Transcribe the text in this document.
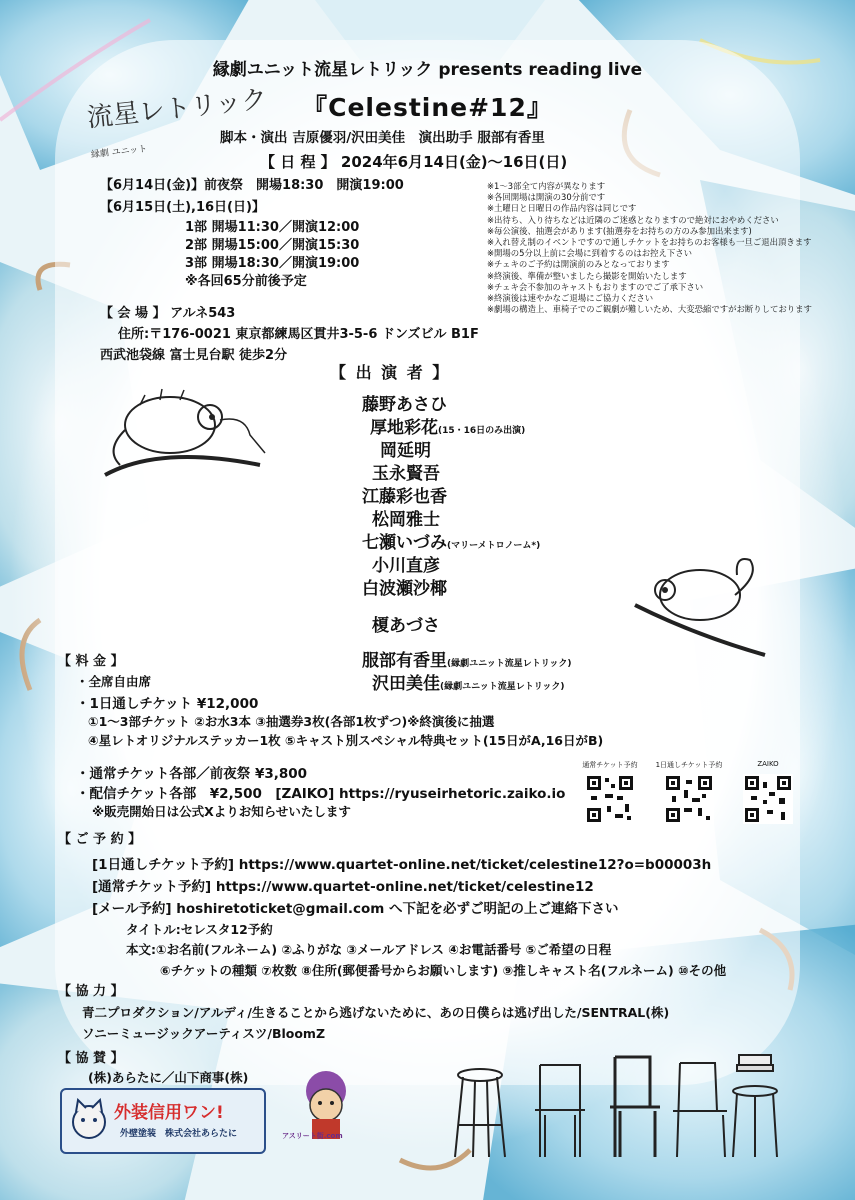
流星レトリック
縁劇 ユニット
縁劇ユニット流星レトリック presents reading live
『Celestine#12』
脚本・演出 吉原優羽/沢田美佳　演出助手 服部有香里
【 日 程 】 2024年6月14日(金)〜16日(日)
【6月14日(金)】前夜祭　開場18:30　開演19:00
【6月15日(土),16日(日)】
1部 開場11:30／開演12:00
2部 開場15:00／開演15:30
3部 開場18:30／開演19:00
※各回65分前後予定
※1〜3部全て内容が異なります
※各回開場は開演の30分前です
※土曜日と日曜日の作品内容は同じです
※出待ち、入り待ちなどは近隣のご迷惑となりますので絶対におやめください
※毎公演後、抽選会があります(抽選券をお持ちの方のみ参加出来ます)
※入れ替え制のイベントですので通しチケットをお持ちのお客様も一旦ご退出頂きます
※開場の5分以上前に会場に到着するのはお控え下さい
※チェキのご予約は開演前のみとなっております
※終演後、準備が整いましたら撮影を開始いたします
※チェキ会不参加のキャストもおりますのでご了承下さい
※終演後は速やかなご退場にご協力ください
※劇場の構造上、車椅子でのご観劇が難しいため、大変恐縮ですがお断りしております
【 会 場 】 アルネ543
住所:〒176-0021 東京都練馬区貫井3-5-6 ドンズビル B1F
西武池袋線 富士見台駅 徒歩2分
【 出 演 者 】
藤野あさひ
厚地彩花(15・16日のみ出演)
岡延明
玉永賢吾
江藤彩也香
松岡雅士
七瀬いづみ(マリーメトロノーム*)
小川直彦
白波瀬沙椰
榎あづさ
服部有香里(縁劇ユニット流星レトリック)
沢田美佳(縁劇ユニット流星レトリック)
【 料 金 】
・全席自由席
・1日通しチケット ¥12,000
①1〜3部チケット ②お水3本 ③抽選券3枚(各部1枚ずつ)※終演後に抽選
④星レトオリジナルステッカー1枚 ⑤キャスト別スペシャル特典セット(15日がA,16日がB)
・通常チケット各部／前夜祭 ¥3,800
・配信チケット各部　¥2,500　[ZAIKO] https://ryuseirhetoric.zaiko.io
※販売開始日は公式Xよりお知らせいたします
通常チケット予約	1日通しチケット予約	ZAIKO
【 ご 予 約 】
[1日通しチケット予約] https://www.quartet-online.net/ticket/celestine12?o=b00003h
[通常チケット予約] https://www.quartet-online.net/ticket/celestine12
[メール予約] hoshiretoticket@gmail.com へ下記を必ずご明記の上ご連絡下さい
タイトル:セレスタ12予約
本文:①お名前(フルネーム) ②ふりがな ③メールアドレス ④お電話番号 ⑤ご希望の日程
⑥チケットの種類 ⑦枚数 ⑧住所(郵便番号からお願いします) ⑨推しキャスト名(フルネーム) ⑩その他
【 協 力 】
青二プロダクション/アルディ/生きることから逃げないために、あの日僕らは逃げ出した/SENTRAL(株)
ソニーミュージックアーティスツ/BloomZ
【 協 賛 】
(株)あらたに／山下商事(株)
外装信用ワン!
外壁塗装　株式会社あらたに	アスリート街.com
